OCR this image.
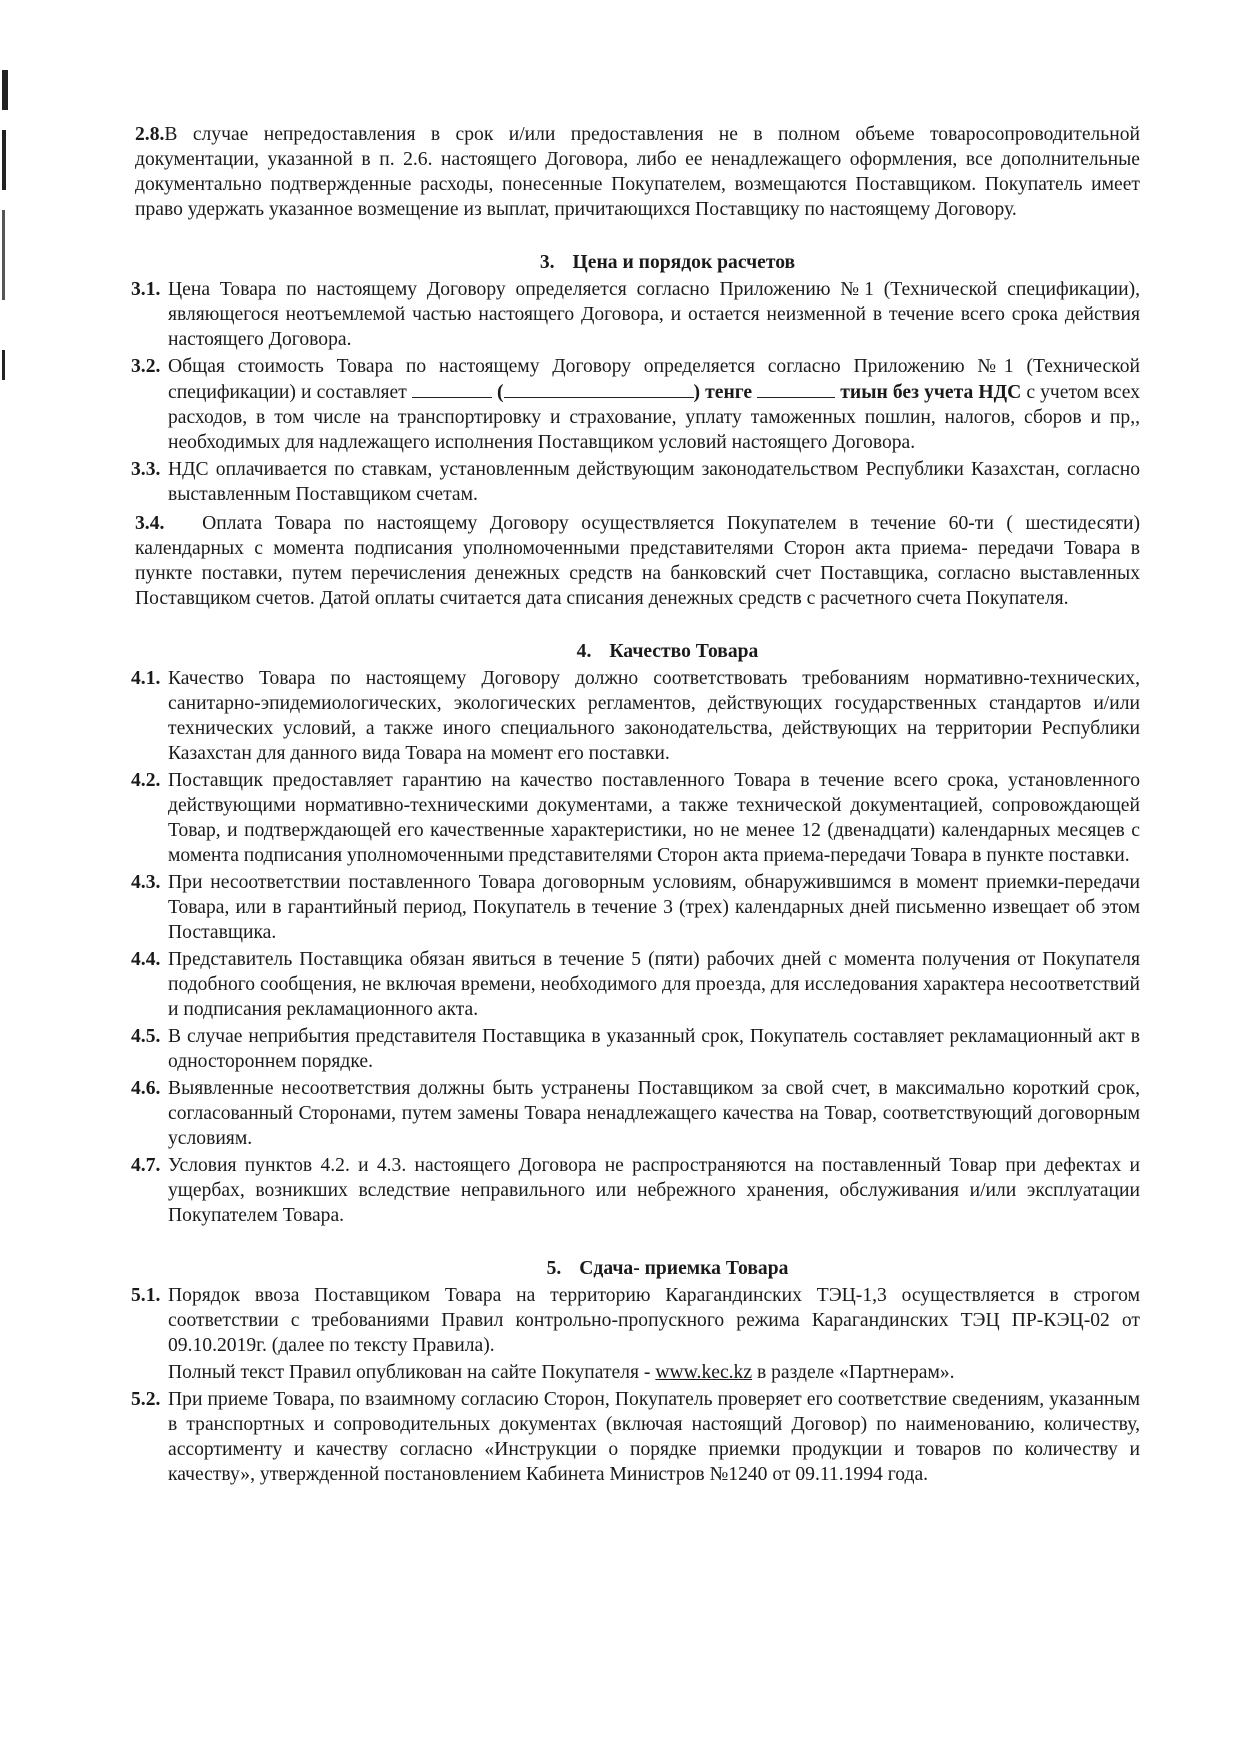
2.8.В случае непредоставления в срок и/или предоставления не в полном объеме товаросопроводительной документации, указанной в п. 2.6. настоящего Договора, либо ее ненадлежащего оформления, все дополнительные документально подтвержденные расходы, понесенные Покупателем, возмещаются Поставщиком. Покупатель имеет право удержать указанное возмещение из выплат, причитающихся Поставщику по настоящему Договору.

3. Цена и порядок расчетов
3.1. Цена Товара по настоящему Договору определяется согласно Приложению №1 (Технической спецификации), являющегося неотъемлемой частью настоящего Договора, и остается неизменной в течение всего срока действия настоящего Договора.
3.2. Общая стоимость Товара по настоящему Договору определяется согласно Приложению №1 (Технической спецификации) и составляет	(	) тенге	тиын без учета НДС с учетом всех расходов, в том числе на транспортировку и страхование, уплату таможенных пошлин, налогов, сборов и пр,, необходимых для надлежащего исполнения Поставщиком условий настоящего Договора.
3.3. НДС оплачивается по ставкам, установленным действующим законодательством Республики Казахстан, согласно выставленным Поставщиком счетам.

3.4. Оплата Товара по настоящему Договору осуществляется Покупателем в течение 60-ти ( шестидесяти) календарных с момента подписания уполномоченными представителями Сторон акта приема- передачи Товара в пункте поставки, путем перечисления денежных средств на банковский счет Поставщика, согласно выставленных Поставщиком счетов. Датой оплаты считается дата списания денежных средств с расчетного счета Покупателя.

4. Качество Товара
4.1. Качество Товара по настоящему Договору должно соответствовать требованиям нормативно-технических, санитарно-эпидемиологических, экологических регламентов, действующих государственных стандартов и/или технических условий, а также иного специального законодательства, действующих на территории Республики Казахстан для данного вида Товара на момент его поставки.
4.2. Поставщик предоставляет гарантию на качество поставленного Товара в течение всего срока, установленного действующими нормативно-техническими документами, а также технической документацией, сопровождающей Товар, и подтверждающей его качественные характеристики, но не менее 12 (двенадцати) календарных месяцев с момента подписания уполномоченными представителями Сторон акта приема-передачи Товара в пункте поставки.
4.3. При несоответствии поставленного Товара договорным условиям, обнаружившимся в момент приемки-передачи Товара, или в гарантийный период, Покупатель в течение 3 (трех) календарных дней письменно извещает об этом Поставщика.
4.4. Представитель Поставщика обязан явиться в течение 5 (пяти) рабочих дней с момента получения от Покупателя подобного сообщения, не включая времени, необходимого для проезда, для исследования характера несоответствий и подписания рекламационного акта.
4.5. В случае неприбытия представителя Поставщика в указанный срок, Покупатель составляет рекламационный акт в одностороннем порядке.
4.6. Выявленные несоответствия должны быть устранены Поставщиком за свой счет, в максимально короткий срок, согласованный Сторонами, путем замены Товара ненадлежащего качества на Товар, соответствующий договорным условиям.
4.7. Условия пунктов 4.2. и 4.3. настоящего Договора не распространяются на поставленный Товар при дефектах и ущербах, возникших вследствие неправильного или небрежного хранения, обслуживания и/или эксплуатации Покупателем Товара.
5. Сдача- приемка Товара
5.1. Порядок ввоза Поставщиком Товара на территорию Карагандинских ТЭЦ-1,3 осуществляется в строгом соответствии с требованиями Правил контрольно-пропускного режима Карагандинских ТЭЦ ПР-КЭЦ-02 от 09.10.2019г. (далее по тексту Правила).
Полный текст Правил опубликован на сайте Покупателя - www.kec.kz в разделе «Партнерам».
5.2. При приеме Товара, по взаимному согласию Сторон, Покупатель проверяет его соответствие сведениям, указанным в транспортных и сопроводительных документах (включая настоящий Договор) по наименованию, количеству, ассортименту и качеству согласно «Инструкции о порядке приемки продукции и товаров по количеству и качеству», утвержденной постановлением Кабинета Министров №1240 от 09.11.1994 года.
